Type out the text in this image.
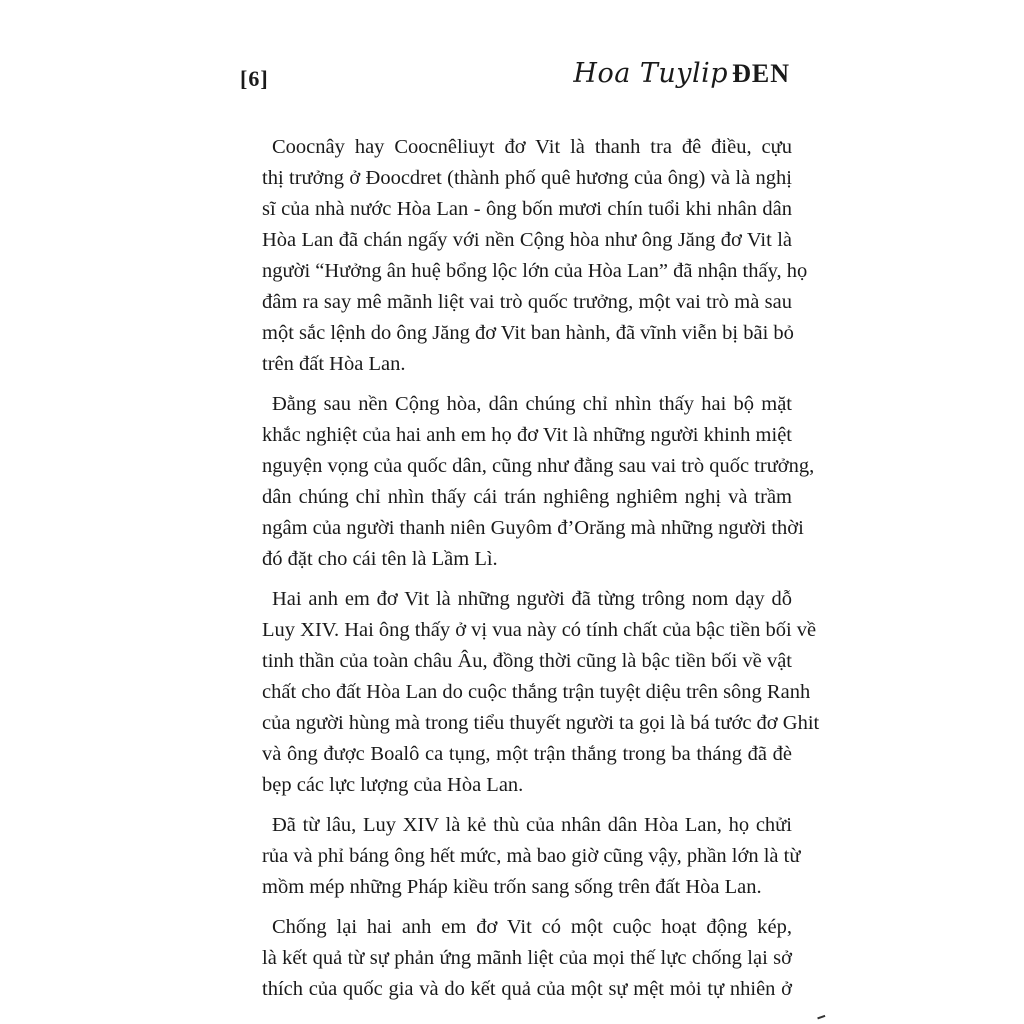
[6]	Hoa Tuylip ĐEN
Coocnây hay Coocnêliuyt đơ Vit là thanh tra đê điều, cựu
thị trưởng ở Đoocdret (thành phố quê hương của ông) và là nghị
sĩ của nhà nước Hòa Lan - ông bốn mươi chín tuổi khi nhân dân
Hòa Lan đã chán ngấy với nền Cộng hòa như ông Jăng đơ Vit là
người “Hưởng ân huệ bổng lộc lớn của Hòa Lan” đã nhận thấy, họ
đâm ra say mê mãnh liệt vai trò quốc trưởng, một vai trò mà sau
một sắc lệnh do ông Jăng đơ Vit ban hành, đã vĩnh viễn bị bãi bỏ
trên đất Hòa Lan.
Đằng sau nền Cộng hòa, dân chúng chỉ nhìn thấy hai bộ mặt
khắc nghiệt của hai anh em họ đơ Vit là những người khinh miệt
nguyện vọng của quốc dân, cũng như đằng sau vai trò quốc trưởng,
dân chúng chỉ nhìn thấy cái trán nghiêng nghiêm nghị và trầm
ngâm của người thanh niên Guyôm đ’Orăng mà những người thời
đó đặt cho cái tên là Lầm Lì.
Hai anh em đơ Vit là những người đã từng trông nom dạy dỗ
Luy XIV. Hai ông thấy ở vị vua này có tính chất của bậc tiền bối về
tinh thần của toàn châu Âu, đồng thời cũng là bậc tiền bối về vật
chất cho đất Hòa Lan do cuộc thắng trận tuyệt diệu trên sông Ranh
của người hùng mà trong tiểu thuyết người ta gọi là bá tước đơ Ghit
và ông được Boalô ca tụng, một trận thắng trong ba tháng đã đè
bẹp các lực lượng của Hòa Lan.
Đã từ lâu, Luy XIV là kẻ thù của nhân dân Hòa Lan, họ chửi
rủa và phỉ báng ông hết mức, mà bao giờ cũng vậy, phần lớn là từ
mồm mép những Pháp kiều trốn sang sống trên đất Hòa Lan.
Chống lại hai anh em đơ Vit có một cuộc hoạt động kép,
là kết quả từ sự phản ứng mãnh liệt của mọi thế lực chống lại sở
thích của quốc gia và do kết quả của một sự mệt mỏi tự nhiên ở
